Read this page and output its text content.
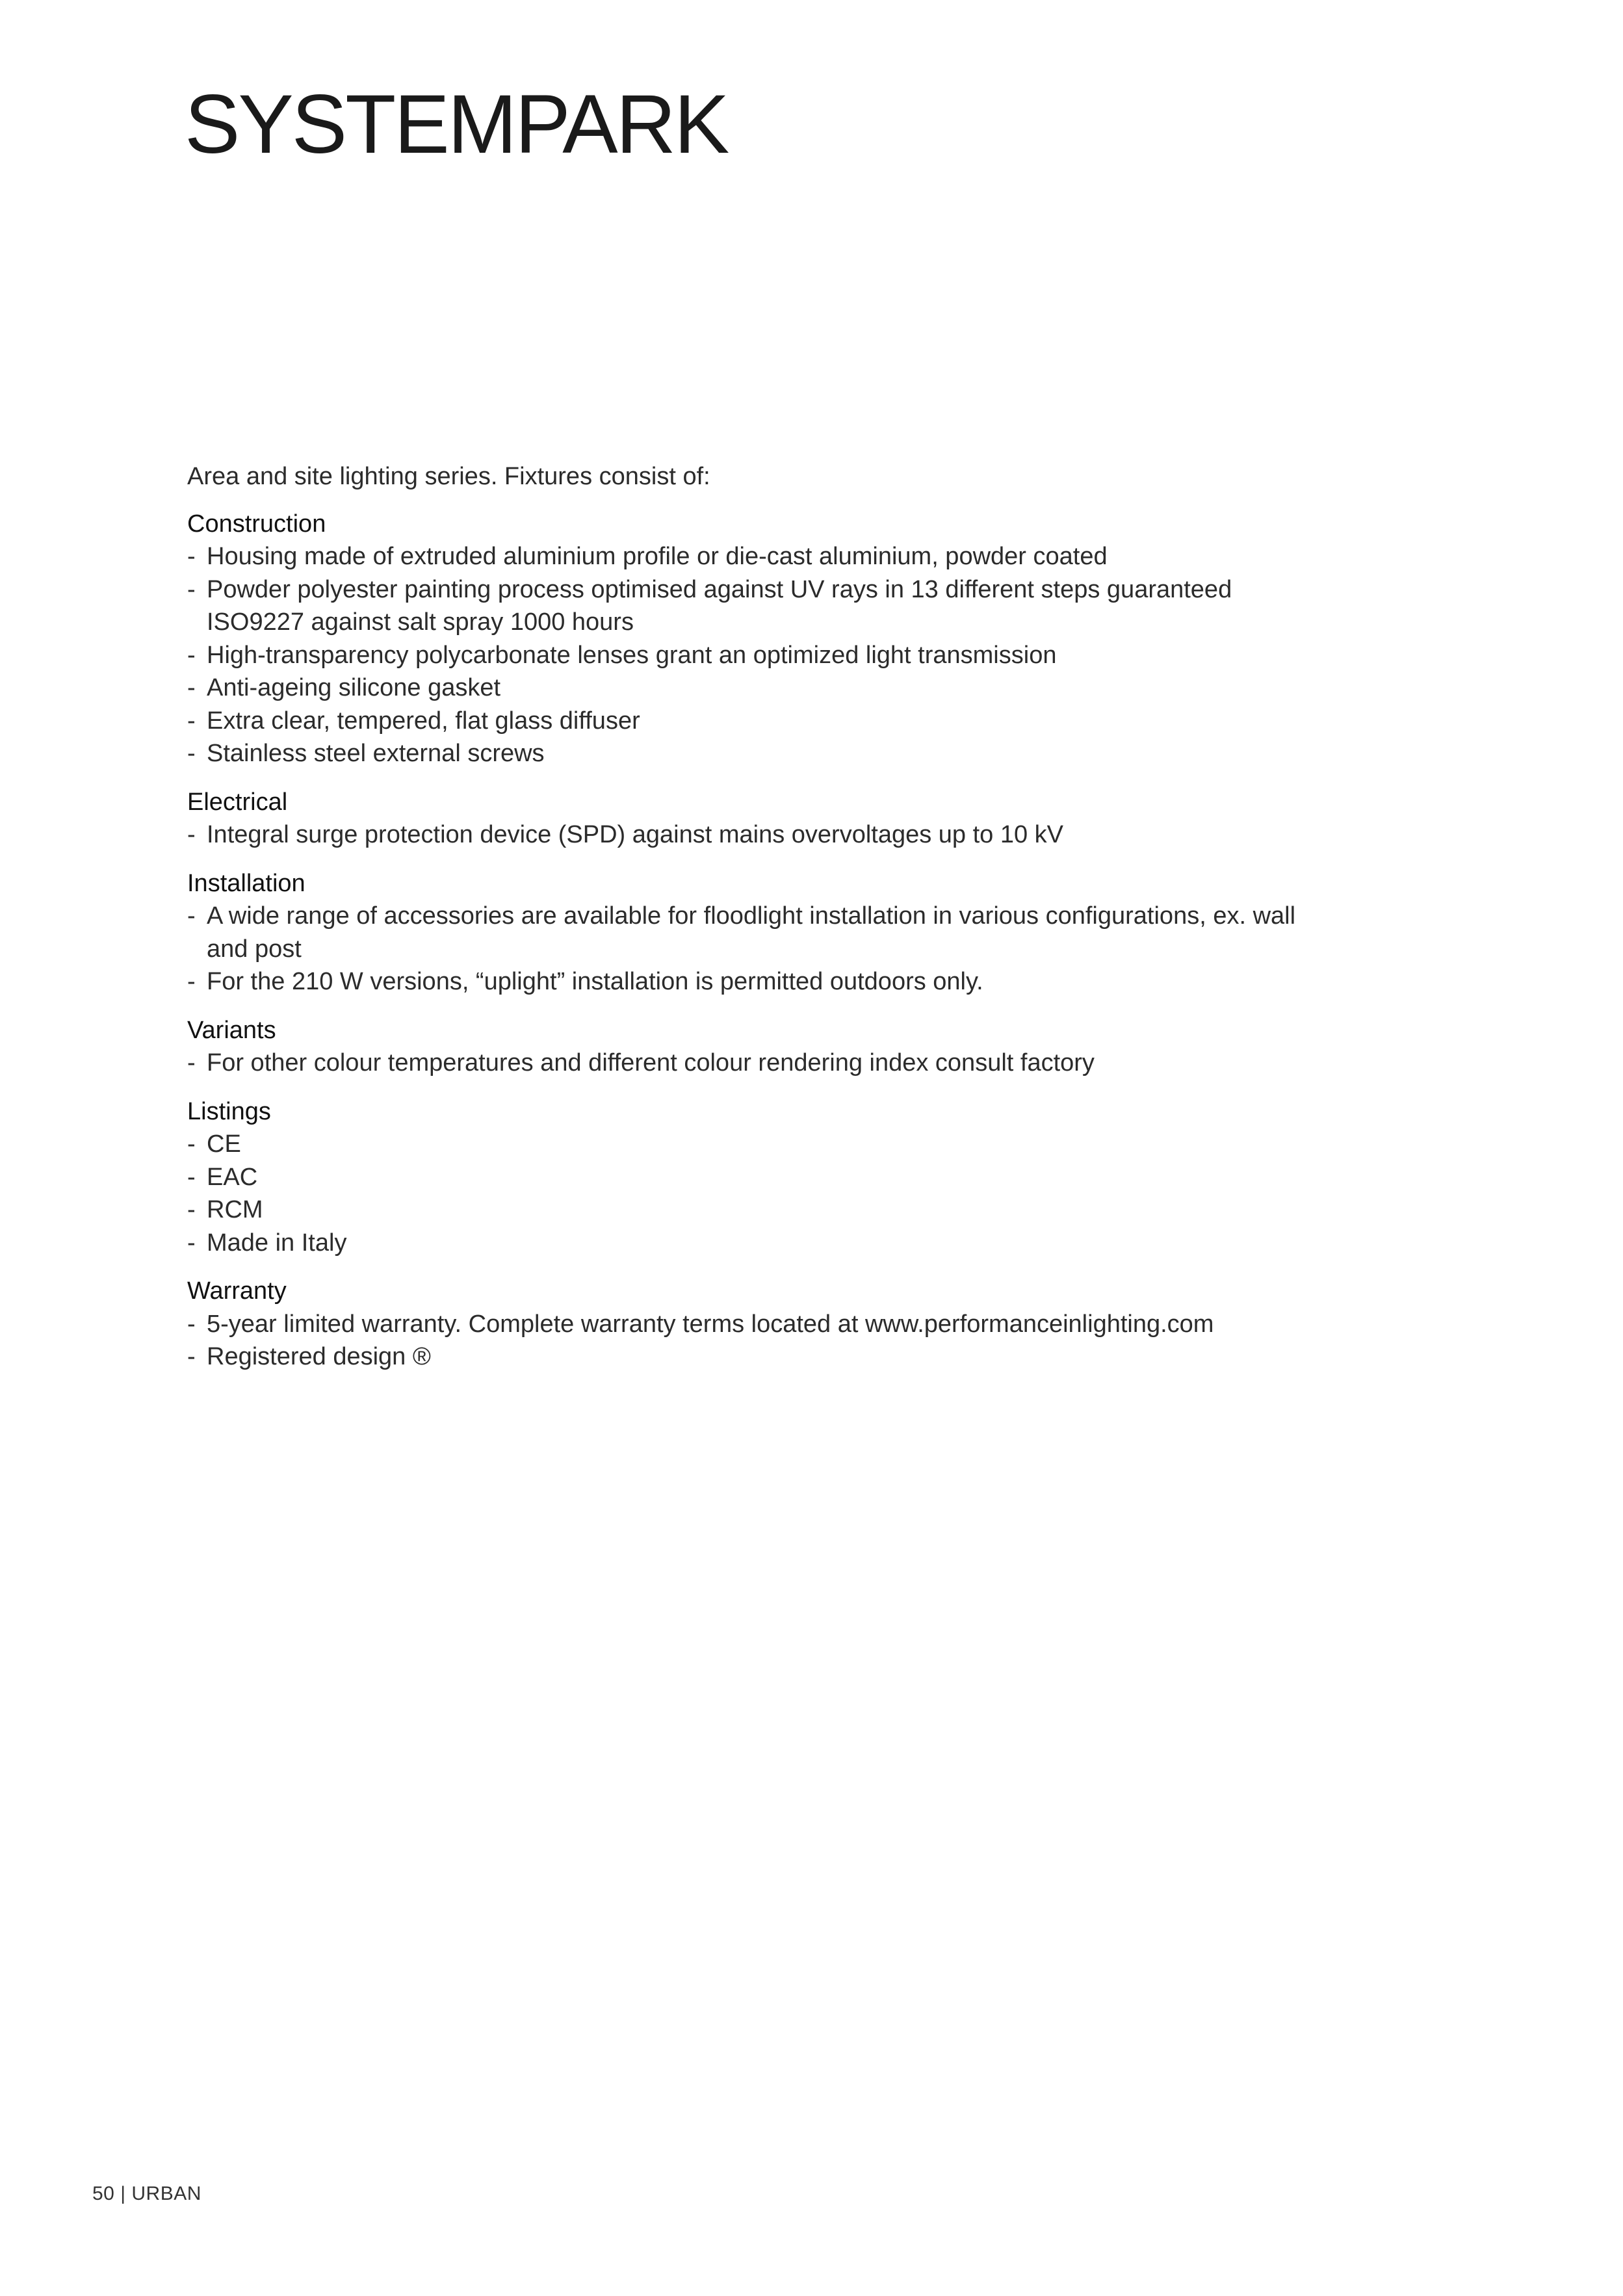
SYSTEMPARK

Area and site lighting series. Fixtures consist of:

Construction
- Housing made of extruded aluminium profile or die-cast aluminium, powder coated
- Powder polyester painting process optimised against UV rays in 13 different steps guaranteed ISO9227 against salt spray 1000 hours
- High-transparency polycarbonate lenses grant an optimized light transmission
- Anti-ageing silicone gasket
- Extra clear, tempered, flat glass diffuser
- Stainless steel external screws
Electrical
- Integral surge protection device (SPD) against mains overvoltages up to 10 kV
Installation
- A wide range of accessories are available for floodlight installation in various configurations, ex. wall and post
- For the 210 W versions, “uplight” installation is permitted outdoors only.
Variants
- For other colour temperatures and different colour rendering index consult factory
Listings
- CE
- EAC
- RCM
- Made in Italy
Warranty
- 5-year limited warranty. Complete warranty terms located at www.performanceinlighting.com
- Registered design ®
50 | URBAN
